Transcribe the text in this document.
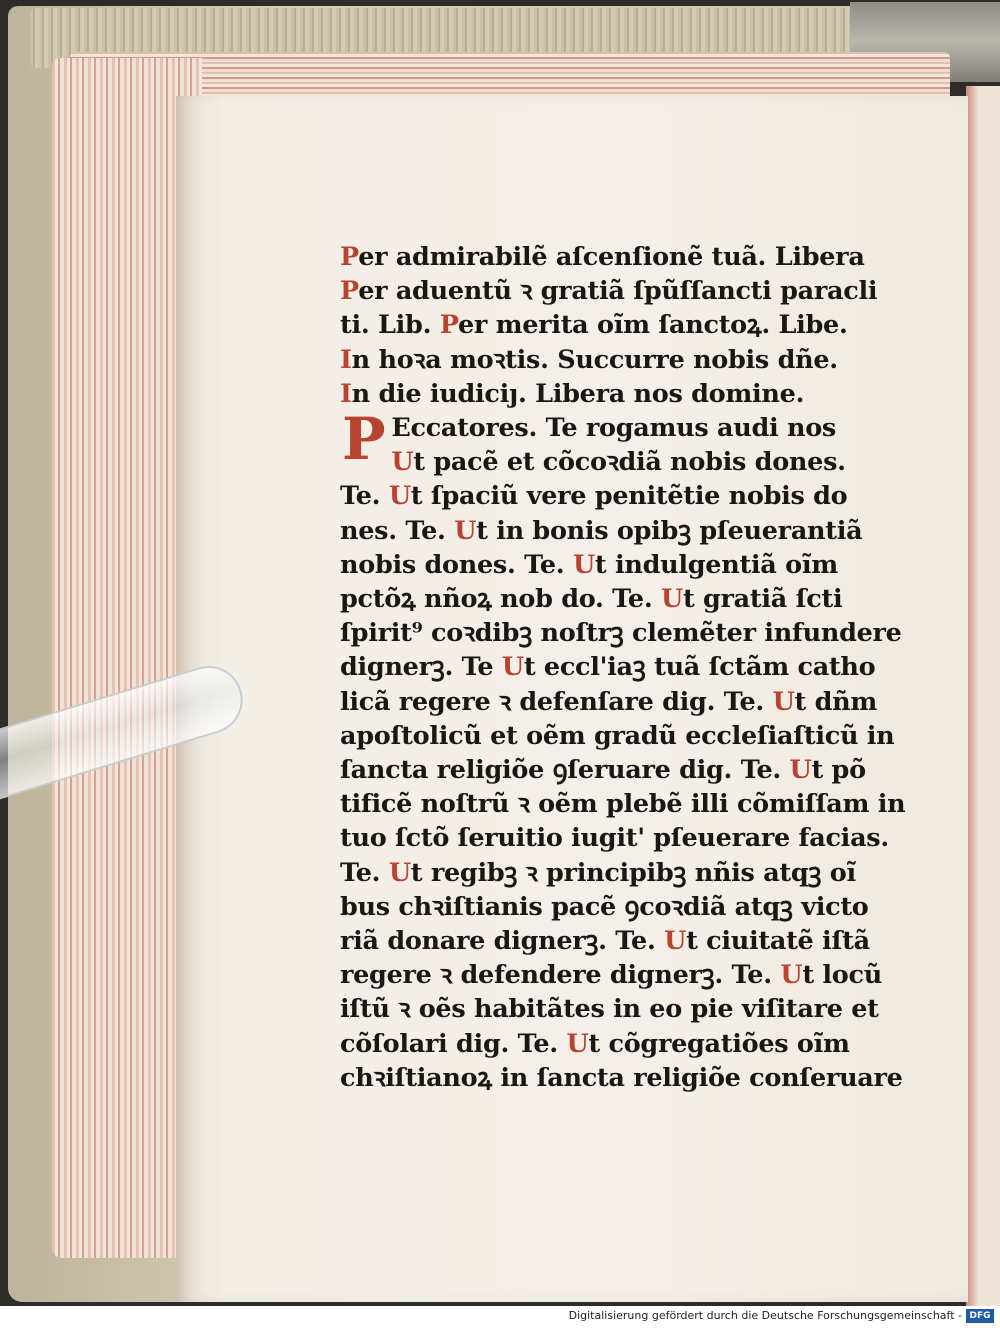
Per admirabilẽ aſcenſionẽ tuã. Libera
Per aduentũ ꝛ gratiã ſpũſſancti paracli
ti. Lib. Per merita oĩm ſanctoꝝ. Libe.
In hoꝛa moꝛtis. Succurre nobis dñe.
In die iudiciȷ. Libera nos domine.
P Eccatores. Te rogamus audi nos
Ut pacẽ et cõcoꝛdiã nobis dones.
Te. Ut ſpaciũ vere penitẽtie nobis do
nes. Te. Ut in bonis opibꝫ pſeuerantiã
nobis dones. Te. Ut indulgentiã oĩm
pctõꝝ nñoꝝ nob do. Te. Ut gratiã ſcti
ſpirit⁹ coꝛdibꝫ noſtrꝫ clemẽter infundere
dignerꝫ. Te Ut eccl'iaꝫ tuã ſctãm catho
licã regere ꝛ defenſare dig. Te. Ut dñm
apoſtolicũ et oẽm gradũ eccleſiaſticũ in
ſancta religiõe ꝯſeruare dig. Te. Ut põ
tificẽ noſtrũ ꝛ oẽm plebẽ illi cõmiſſam in
tuo ſctõ ſeruitio iugit' pſeuerare facias.
Te. Ut regibꝫ ꝛ principibꝫ nñis atqꝫ oĩ
bus chꝛiſtianis pacẽ ꝯcoꝛdiã atqꝫ victo
riã donare dignerꝫ. Te. Ut ciuitatẽ iſtã
regere ꝛ defendere dignerꝫ. Te. Ut locũ
iſtũ ꝛ oẽs habitãtes in eo pie viſitare et
cõſolari dig. Te. Ut cõgregatiões oĩm
chꝛiſtianoꝝ in ſancta religiõe conſeruare
Digitalisierung gefördert durch die Deutsche Forschungsgemeinschaft - DFG
